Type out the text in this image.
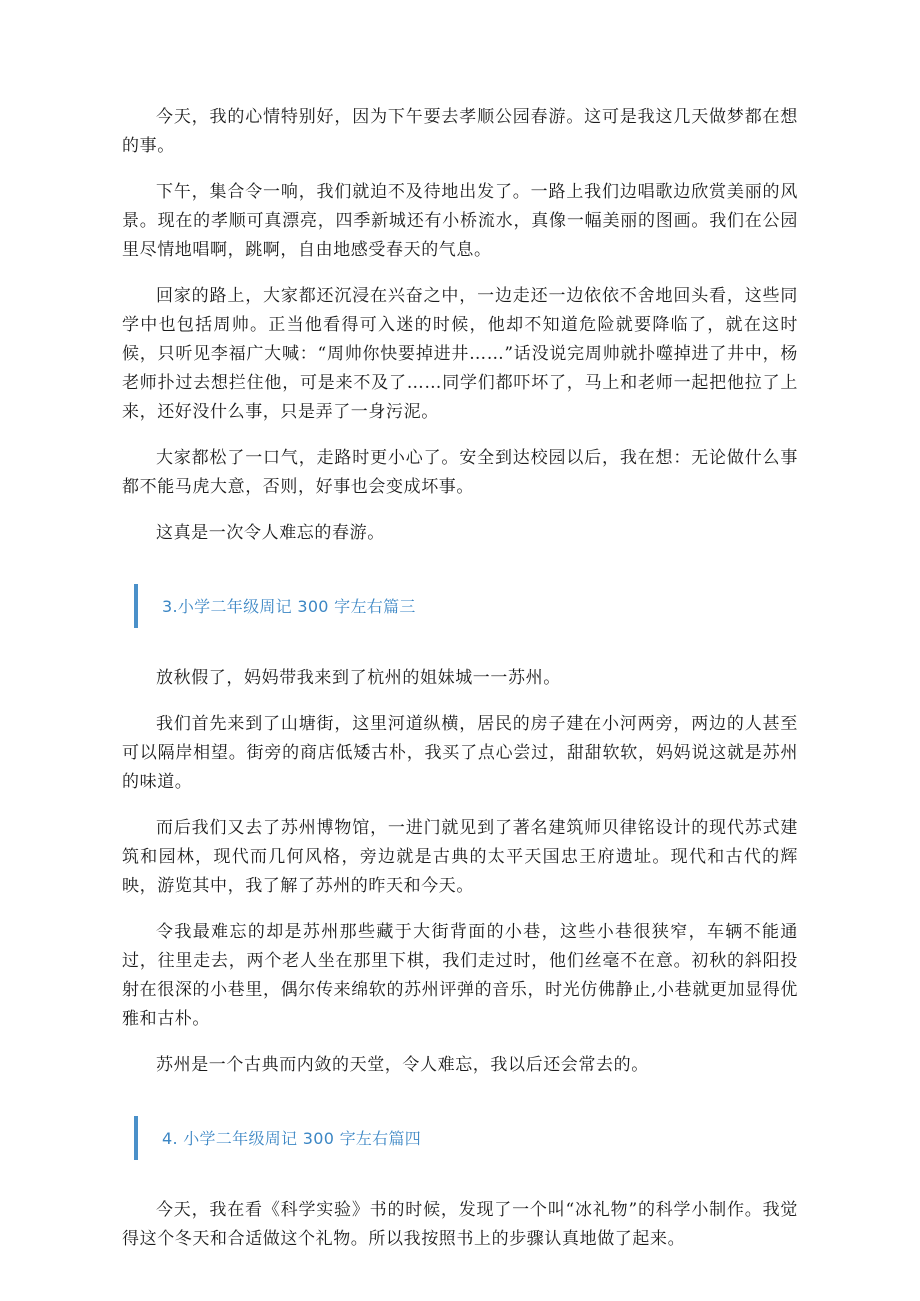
今天，我的心情特别好，因为下午要去孝顺公园春游。这可是我这几天做梦都在想的事。

下午，集合令一响，我们就迫不及待地出发了。一路上我们边唱歌边欣赏美丽的风景。现在的孝顺可真漂亮，四季新城还有小桥流水，真像一幅美丽的图画。我们在公园里尽情地唱啊，跳啊，自由地感受春天的气息。

回家的路上，大家都还沉浸在兴奋之中，一边走还一边依依不舍地回头看，这些同学中也包括周帅。正当他看得可入迷的时候，他却不知道危险就要降临了，就在这时候，只听见李福广大喊：“周帅你快要掉进井……”话没说完周帅就扑噬掉进了井中，杨老师扑过去想拦住他，可是来不及了……同学们都吓坏了，马上和老师一起把他拉了上来，还好没什么事，只是弄了一身污泥。

大家都松了一口气，走路时更小心了。安全到达校园以后，我在想：无论做什么事都不能马虎大意，否则，好事也会变成坏事。

这真是一次令人难忘的春游。

3.小学二年级周记 300 字左右篇三

放秋假了，妈妈带我来到了杭州的姐妹城一一苏州。

我们首先来到了山塘街，这里河道纵横，居民的房子建在小河两旁，两边的人甚至可以隔岸相望。街旁的商店低矮古朴，我买了点心尝过，甜甜软软，妈妈说这就是苏州的味道。

而后我们又去了苏州博物馆，一进门就见到了著名建筑师贝律铭设计的现代苏式建筑和园林，现代而几何风格，旁边就是古典的太平天国忠王府遗址。现代和古代的辉映，游览其中，我了解了苏州的昨天和今天。

令我最难忘的却是苏州那些藏于大街背面的小巷，这些小巷很狭窄，车辆不能通过，往里走去，两个老人坐在那里下棋，我们走过时，他们丝毫不在意。初秋的斜阳投射在很深的小巷里，偶尔传来绵软的苏州评弹的音乐，时光仿佛静止,小巷就更加显得优雅和古朴。

苏州是一个古典而内敛的天堂，令人难忘，我以后还会常去的。

4. 小学二年级周记 300 字左右篇四

今天，我在看《科学实验》书的时候，发现了一个叫“冰礼物”的科学小制作。我觉得这个冬天和合适做这个礼物。所以我按照书上的步骤认真地做了起来。
